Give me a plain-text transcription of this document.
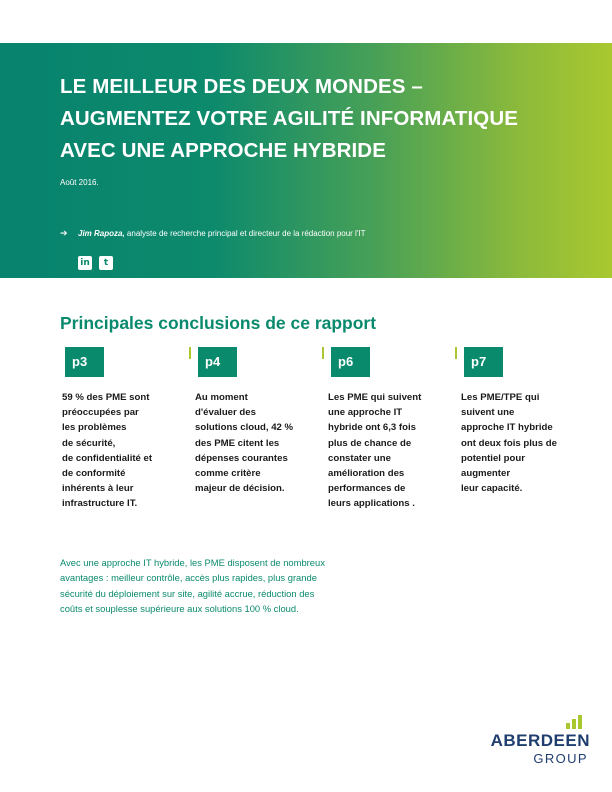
LE MEILLEUR DES DEUX MONDES –
AUGMENTEZ VOTRE AGILITÉ INFORMATIQUE
AVEC UNE APPROCHE HYBRIDE
Août 2016.
➔ Jim Rapoza, analyste de recherche principal et directeur de la rédaction pour l'IT
in	t
Principales conclusions de ce rapport
p3
59 % des PME sont
préoccupées par
les problèmes
de sécurité,
de confidentialité et
de conformité
inhérents à leur
infrastructure IT.
p4
Au moment
d'évaluer des
solutions cloud, 42 %
des PME citent les
dépenses courantes
comme critère
majeur de décision.
p6
Les PME qui suivent
une approche IT
hybride ont 6,3 fois
plus de chance de
constater une
amélioration des
performances de
leurs applications .
p7
Les PME/TPE qui
suivent une
approche IT hybride
ont deux fois plus de
potentiel pour
augmenter
leur capacité.
Avec une approche IT hybride, les PME disposent de nombreux
avantages : meilleur contrôle, accès plus rapides, plus grande
sécurité du déploiement sur site, agilité accrue, réduction des
coûts et souplesse supérieure aux solutions 100 % cloud.
ABERDEEN
GROUP
